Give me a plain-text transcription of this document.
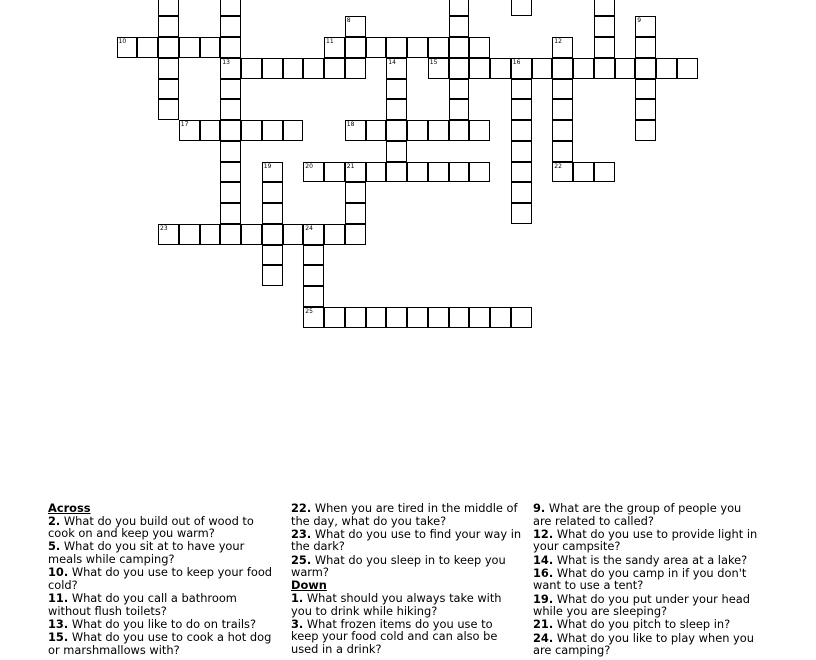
13
10
8
11
9
12
22
14	15	16
17	18
19	20	21
23	24
25

Across

2. What do you build out of wood to cook on and keep you warm?

5. What do you sit at to have your meals while camping?

10. What do you use to keep your food cold?

11. What do you call a bathroom without flush toilets?

13. What do you like to do on trails?

15. What do you use to cook a hot dog or marshmallows with?

22. When you are tired in the middle of the day, what do you take?

23. What do you use to find your way in the dark?

25. What do you sleep in to keep you warm?

Down

1. What should you always take with you to drink while hiking?

3. What frozen items do you use to keep your food cold and can also be used in a drink?

9. What are the group of people you are related to called?

12. What do you use to provide light in your campsite?

14. What is the sandy area at a lake?

16. What do you camp in if you don't want to use a tent?

19. What do you put under your head while you are sleeping?

21. What do you pitch to sleep in?

24. What do you like to play when you are camping?
